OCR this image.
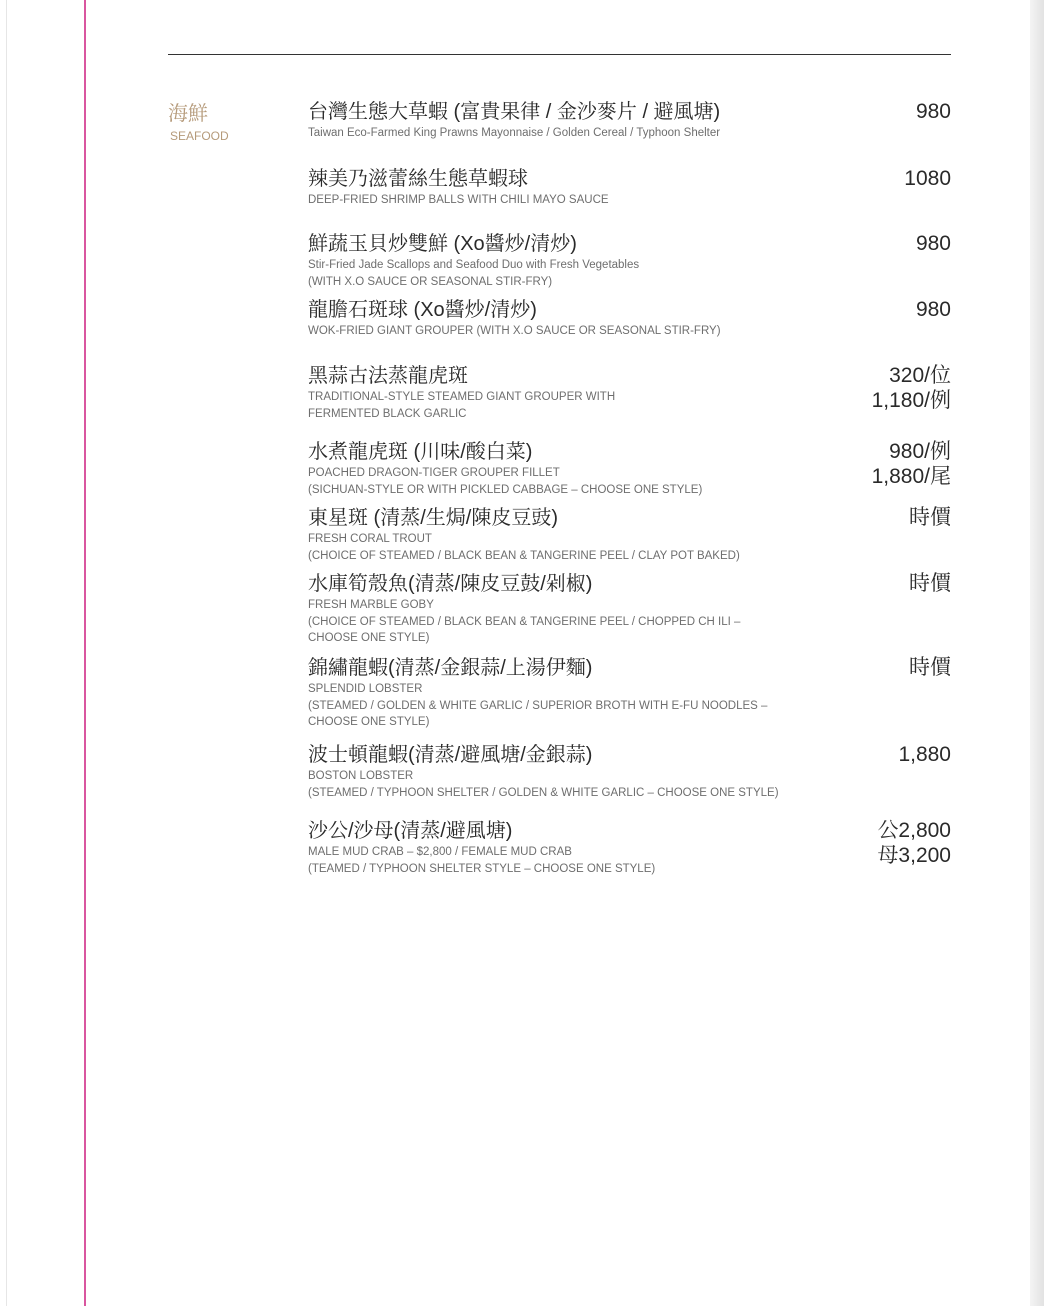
海鮮
SEAFOOD
台灣生態大草蝦 (富貴果律 / 金沙麥片 / 避風塘)
Taiwan Eco-Farmed King Prawns Mayonnaise / Golden Cereal / Typhoon Shelter
980
辣美乃滋蕾絲生態草蝦球
DEEP-FRIED SHRIMP BALLS WITH CHILI MAYO SAUCE
1080
鮮蔬玉貝炒雙鮮 (Xo醬炒/清炒)
Stir-Fried Jade Scallops and Seafood Duo with Fresh Vegetables
(WITH X.O SAUCE OR SEASONAL STIR-FRY)
980
龍膽石斑球 (Xo醬炒/清炒)
WOK-FRIED GIANT GROUPER (WITH X.O SAUCE OR SEASONAL STIR-FRY)
980
黑蒜古法蒸龍虎斑
TRADITIONAL-STYLE STEAMED GIANT GROUPER WITH
FERMENTED BLACK GARLIC
320/位
1,180/例
水煮龍虎斑 (川味/酸白菜)
POACHED DRAGON-TIGER GROUPER FILLET
(SICHUAN-STYLE OR WITH PICKLED CABBAGE – CHOOSE ONE STYLE)
980/例
1,880/尾
東星斑 (清蒸/生焗/陳皮豆豉)
FRESH CORAL TROUT
(CHOICE OF STEAMED / BLACK BEAN & TANGERINE PEEL / CLAY POT BAKED)
時價
水庫筍殼魚(清蒸/陳皮豆鼓/剁椒)
FRESH MARBLE GOBY
(CHOICE OF STEAMED / BLACK BEAN & TANGERINE PEEL / CHOPPED CH ILI –
CHOOSE ONE STYLE)
時價
錦繡龍蝦(清蒸/金銀蒜/上湯伊麵)
SPLENDID LOBSTER
(STEAMED / GOLDEN & WHITE GARLIC / SUPERIOR BROTH WITH E-FU NOODLES –
CHOOSE ONE STYLE)
時價
波士頓龍蝦(清蒸/避風塘/金銀蒜)
BOSTON LOBSTER
(STEAMED / TYPHOON SHELTER / GOLDEN & WHITE GARLIC – CHOOSE ONE STYLE)
1,880
沙公/沙母(清蒸/避風塘)
MALE MUD CRAB – $2,800 / FEMALE MUD CRAB
(TEAMED / TYPHOON SHELTER STYLE – CHOOSE ONE STYLE)
公2,800
母3,200
